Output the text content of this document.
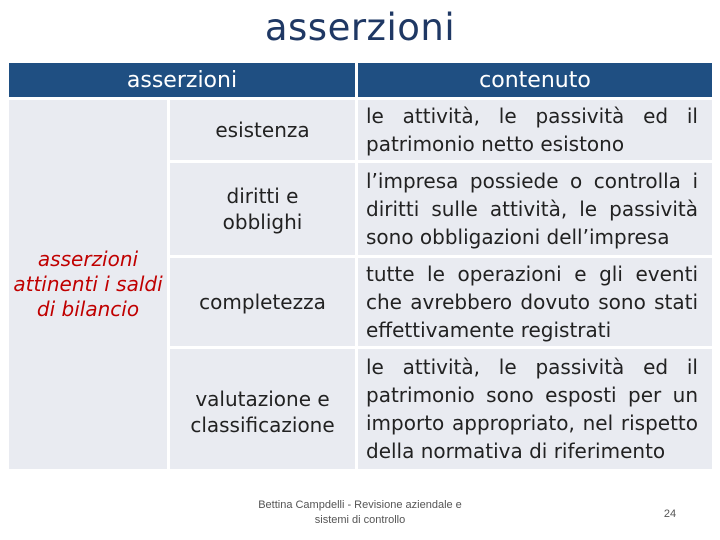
asserzioni
asserzioni	contenuto
asserzioni attinenti i saldi di bilancio
esistenza
le attività, le passività ed il patrimonio netto esistono
diritti e obblighi
l’impresa possiede o controlla i diritti sulle attività, le passività sono obbligazioni dell’impresa
completezza
tutte le operazioni e gli eventi che avrebbero dovuto sono stati effettivamente registrati
valutazione e classificazione
le attività, le passività ed il patrimonio sono esposti per un importo appropriato, nel rispetto della normativa di riferimento
Bettina Campdelli - Revisione aziendale e sistemi di controllo	24
